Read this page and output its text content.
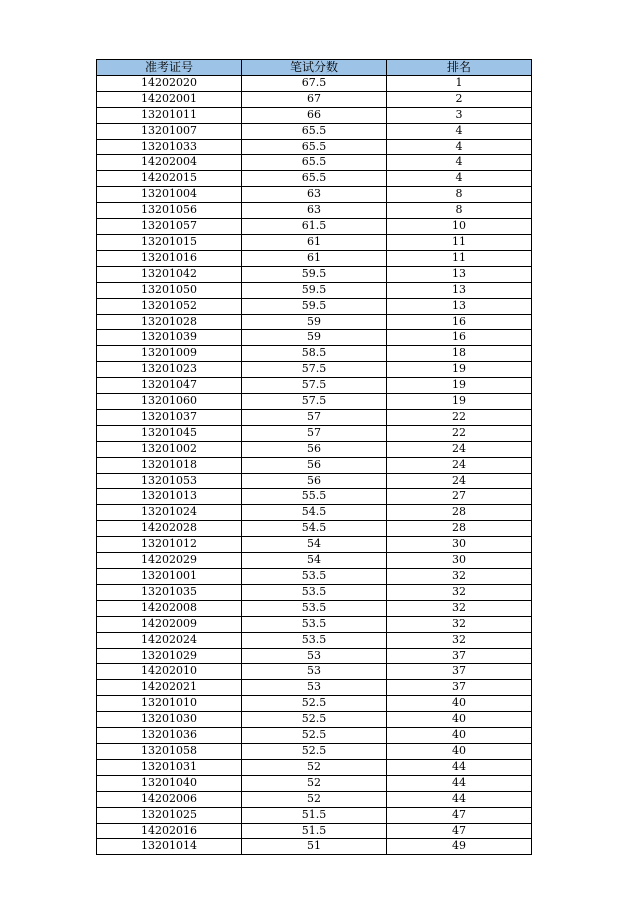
准考证号	笔试分数	排名
14202020	67.5	1
14202001	67	2
13201011	66	3
13201007	65.5	4
13201033	65.5	4
14202004	65.5	4
14202015	65.5	4
13201004	63	8
13201056	63	8
13201057	61.5	10
13201015	61	11
13201016	61	11
13201042	59.5	13
13201050	59.5	13
13201052	59.5	13
13201028	59	16
13201039	59	16
13201009	58.5	18
13201023	57.5	19
13201047	57.5	19
13201060	57.5	19
13201037	57	22
13201045	57	22
13201002	56	24
13201018	56	24
13201053	56	24
13201013	55.5	27
13201024	54.5	28
14202028	54.5	28
13201012	54	30
14202029	54	30
13201001	53.5	32
13201035	53.5	32
14202008	53.5	32
14202009	53.5	32
14202024	53.5	32
13201029	53	37
14202010	53	37
14202021	53	37
13201010	52.5	40
13201030	52.5	40
13201036	52.5	40
13201058	52.5	40
13201031	52	44
13201040	52	44
14202006	52	44
13201025	51.5	47
14202016	51.5	47
13201014	51	49
